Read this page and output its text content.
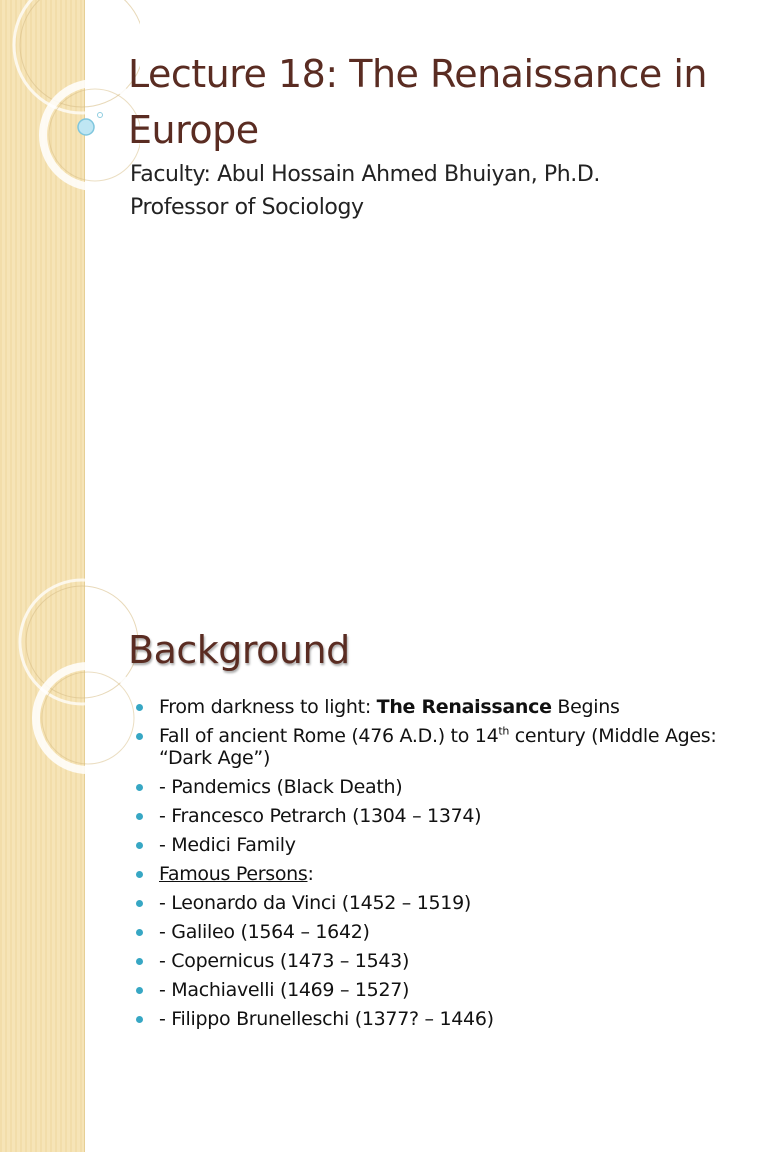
Lecture 18: The Renaissance in Europe
Faculty: Abul Hossain Ahmed Bhuiyan, Ph.D.
Professor of Sociology
Background
From darkness to light: The Renaissance Begins
Fall of ancient Rome (476 A.D.) to 14th century (Middle Ages: “Dark Age”)
- Pandemics (Black Death)
- Francesco Petrarch (1304 – 1374)
- Medici Family
Famous Persons:
- Leonardo da Vinci (1452 – 1519)
- Galileo (1564 – 1642)
- Copernicus (1473 – 1543)
- Machiavelli (1469 – 1527)
- Filippo Brunelleschi (1377? – 1446)
